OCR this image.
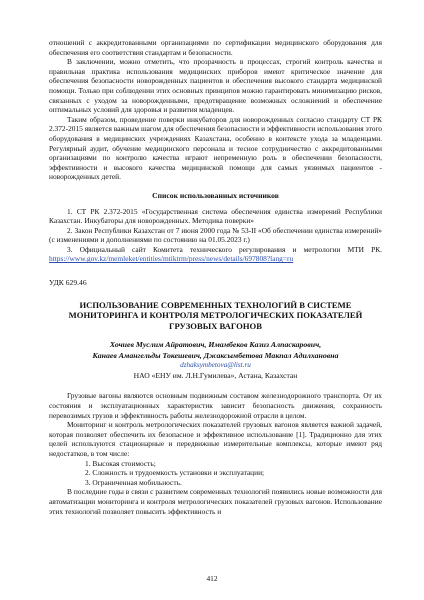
отношений с аккредитованными организациями по сертификации медицинского оборудования для обеспечения его соответствия стандартам и безопасности.

В заключении, можно отметить, что прозрачность в процессах, строгий контроль качества и правильная практика использования медицинских приборов имеют критическое значение для обеспечения безопасности новорожденных пациентов и обеспечения высокого стандарта медицинской помощи. Только при соблюдении этих основных принципов можно гарантировать минимизацию рисков, связанных с уходом за новорожденными, предотвращение возможных осложнений и обеспечение оптимальных условий для здоровья и развития младенцев.

Таким образом, проведение поверки инкубаторов для новорожденных согласно стандарту СТ РК 2.372-2015 является важным шагом для обеспечения безопасности и эффективности использования этого оборудования в медицинских учреждениях Казахстана, особенно в контексте ухода за младенцами. Регулярный аудит, обучение медицинского персонала и тесное сотрудничество с аккредитованными организациями по контролю качества играют непременную роль в обеспечении безопасности, эффективности и высокого качества медицинской помощи для самых уязвимых пациентов - новорожденных детей.

Список использованных источников

1. СТ РК 2.372-2015 «Государственная система обеспечения единства измерений Республики Казахстан. Инкубаторы для новорожденных. Методика поверки»

2. Закон Республики Казахстан от 7 июня 2000 года № 53-II «Об обеспечении единства измерений» (с изменениями и дополнениями по состоянию на 01.05.2023 г.)

3. Официальный сайт Комитета технического регулирования и метрологии МТИ РК. https://www.gov.kz/memleket/entities/mtiktrm/press/news/details/697808?lang=ru

УДК 629.46

ИСПОЛЬЗОВАНИЕ СОВРЕМЕННЫХ ТЕХНОЛОГИЙ В СИСТЕМЕ МОНИТОРИНГА И КОНТРОЛЯ МЕТРОЛОГИЧЕСКИХ ПОКАЗАТЕЛЕЙ ГРУЗОВЫХ ВАГОНОВ

Хочиев Муслим Айратович, Имамбеков Казиз Алпаскарович,

Канаев Амангельды Токешевич, Джаксымбетова Макпал Адилхановна

dzhaksymbetova@list.ru

НАО «ЕНУ им. Л.Н.Гумилева», Астана, Казахстан

Грузовые вагоны являются основным подвижным составом железнодорожного транспорта. От их состояния и эксплуатационных характеристик зависит безопасность движения, сохранность перевозимых грузов и эффективность работы железнодорожной отрасли в целом.

Мониторинг и контроль метрологических показателей грузовых вагонов является важной задачей, которая позволяет обеспечить их безопасное и эффективное использование [1]. Традиционно для этих целей используются стационарные и передвижные измерительные комплексы, которые имеют ряд недостатков, в том числе:

1. Высокая стоимость;

2. Сложность и трудоемкость установки и эксплуатации;

3. Ограниченная мобильность.

В последние годы в связи с развитием современных технологий появились новые возможности для автоматизации мониторинга и контроля метрологических показателей грузовых вагонов. Использование этих технологий позволяет повысить эффективность и

412
